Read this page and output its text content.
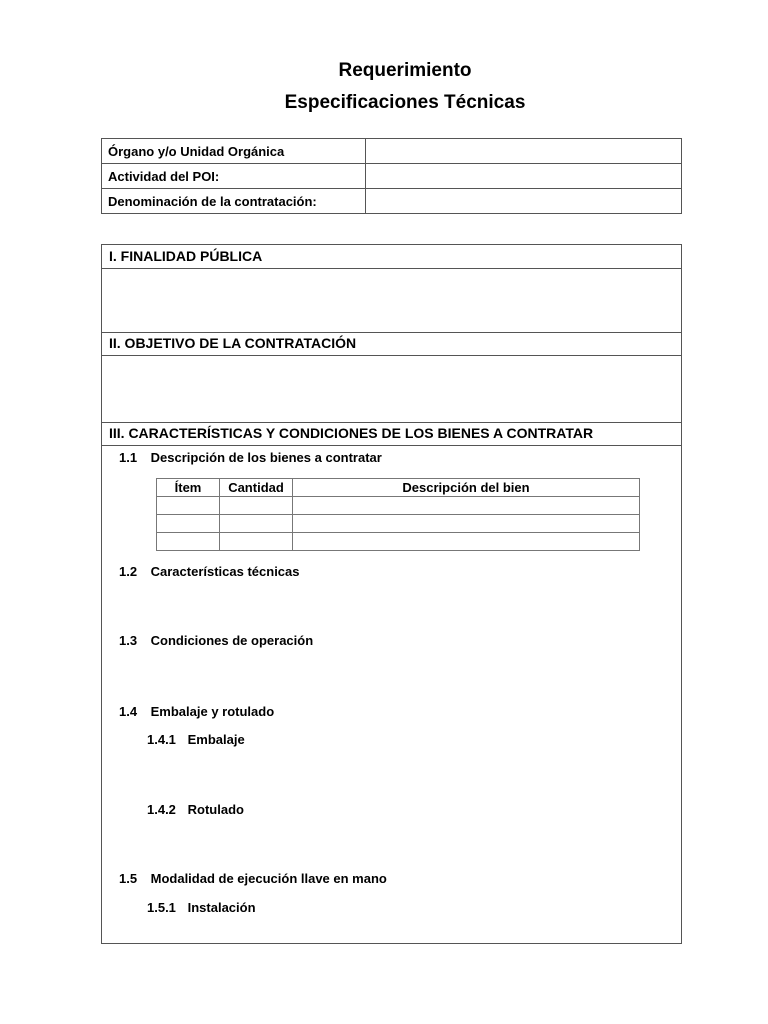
Requerimiento
Especificaciones Técnicas
Órgano y/o Unidad Orgánica	
Actividad del POI:	
Denominación de la contratación:	
I. FINALIDAD PÚBLICA
II. OBJETIVO DE LA CONTRATACIÓN
III. CARACTERÍSTICAS Y CONDICIONES DE LOS BIENES A CONTRATAR
1.1 Descripción de los bienes a contratar
Ítem	Cantidad	Descripción del bien

1.2 Características técnicas
1.3 Condiciones de operación
1.4 Embalaje y rotulado
1.4.1 Embalaje
1.4.2 Rotulado
1.5 Modalidad de ejecución llave en mano
1.5.1 Instalación
